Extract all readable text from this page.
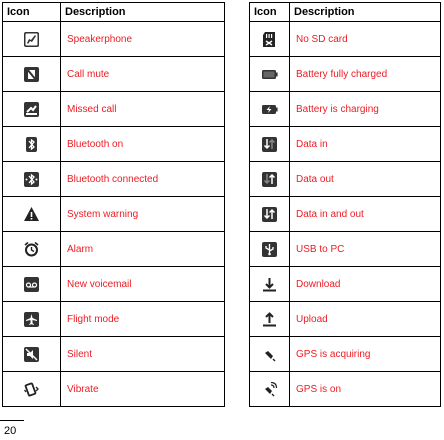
Icon	Description

	Speakerphone

	Call mute

	Missed call

	Bluetooth on

	Bluetooth connected

	System warning

	Alarm

	New voicemail

	Flight mode

	Silent

	Vibrate
Icon	Description

	No SD card

	Battery fully charged

	Battery is charging

	Data in

	Data out

	Data in and out

	USB to PC

	Download

	Upload

	GPS is acquiring

	GPS is on
20
